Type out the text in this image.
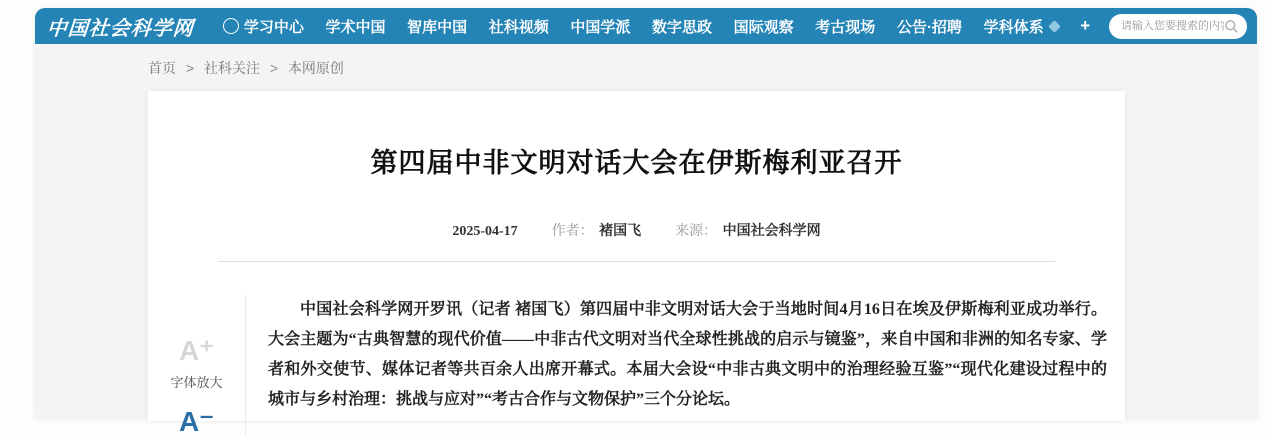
中国社会科学网	学习中心 学术中国 智库中国 社科视频 中国学派 数字思政 国际观察 考古现场 公告·招聘 学科体系 +
请输入您要搜索的内容
首页 > 社科关注 > 本网原创
第四届中非文明对话大会在伊斯梅利亚召开
2025-04-17 作者： 褚国飞 来源： 中国社会科学网
A⁺
字体放大
A⁻

中国社会科学网开罗讯（记者 褚国飞）第四届中非文明对话大会于当地时间4月16日在埃及伊斯梅利亚成功举行。大会主题为“古典智慧的现代价值——中非古代文明对当代全球性挑战的启示与镜鉴”，来自中国和非洲的知名专家、学者和外交使节、媒体记者等共百余人出席开幕式。本届大会设“中非古典文明中的治理经验互鉴”“现代化建设过程中的城市与乡村治理：挑战与应对”“考古合作与文物保护”三个分论坛。
